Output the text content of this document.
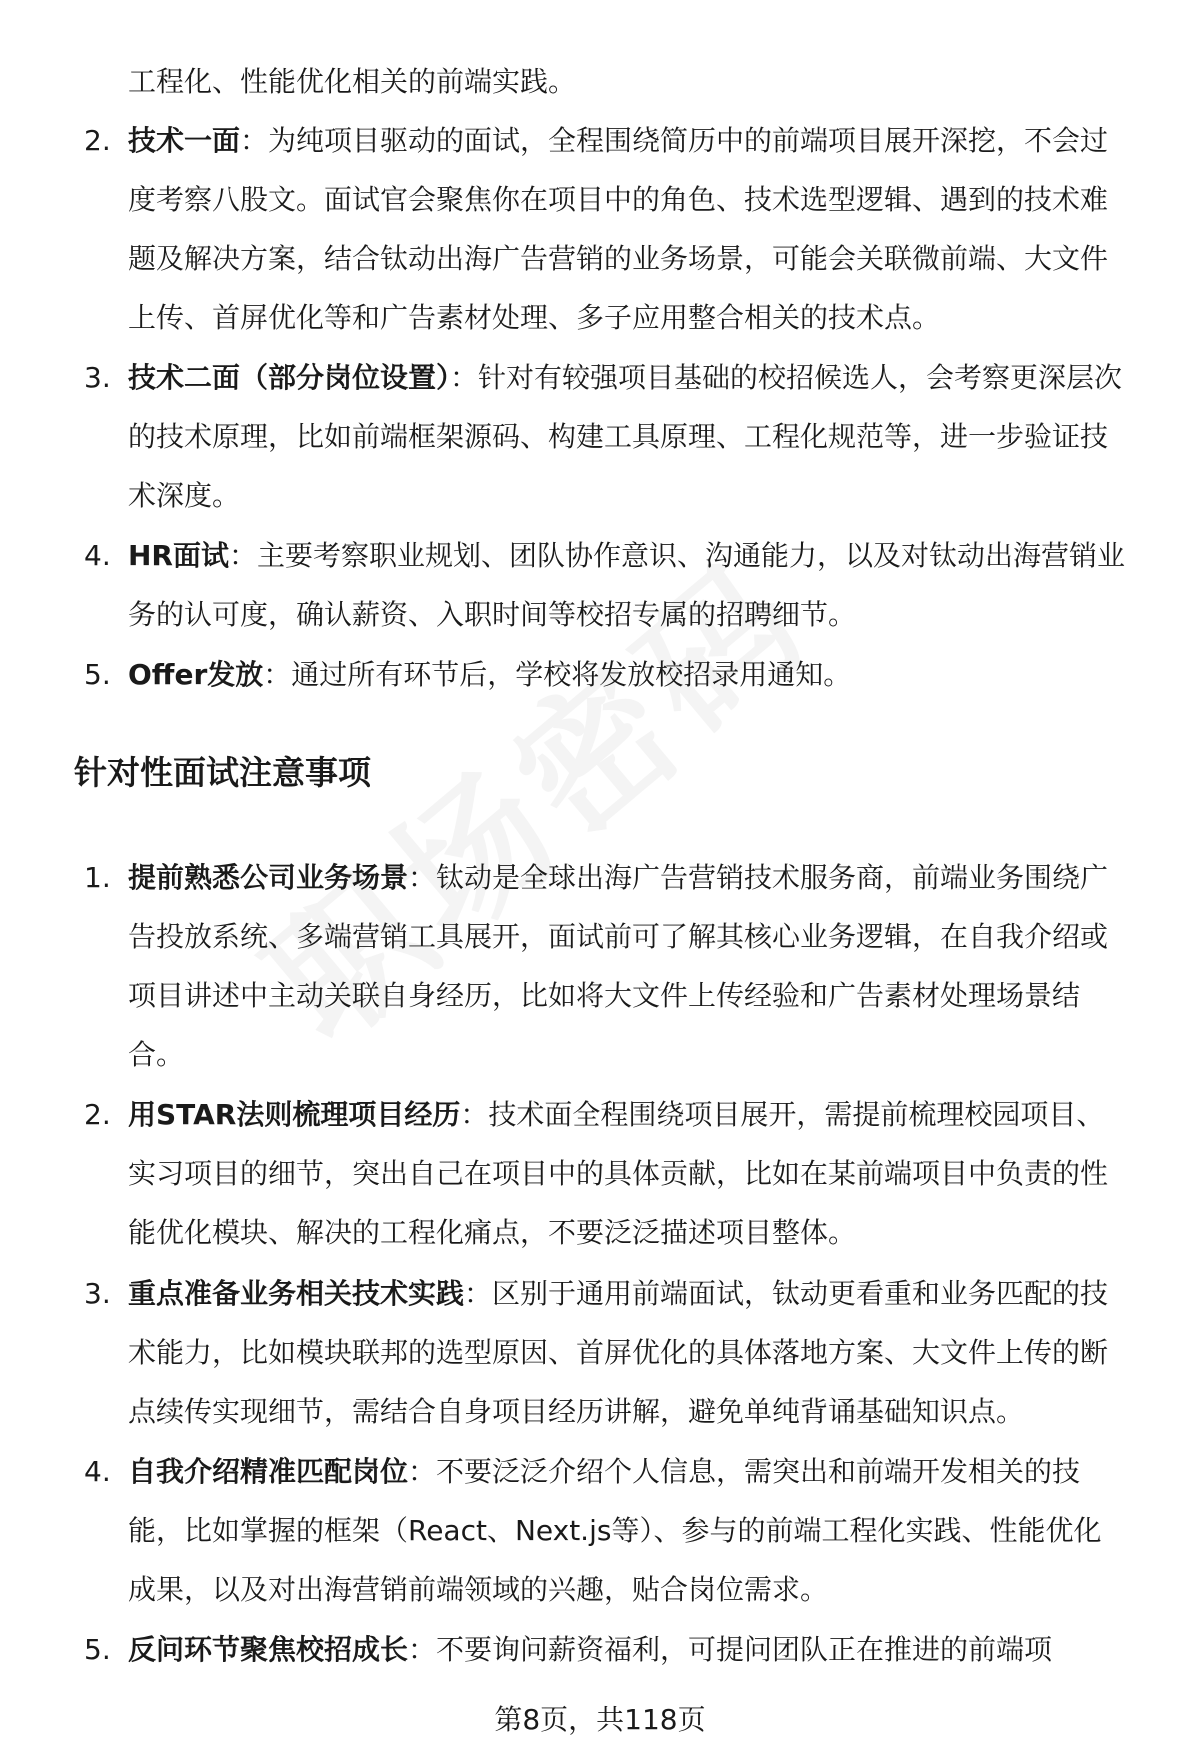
工程化、性能优化相关的前端实践。
2. 技术一面：为纯项目驱动的面试，全程围绕简历中的前端项目展开深挖，不会过度考察八股文。面试官会聚焦你在项目中的角色、技术选型逻辑、遇到的技术难题及解决方案，结合钛动出海广告营销的业务场景，可能会关联微前端、大文件上传、首屏优化等和广告素材处理、多子应用整合相关的技术点。
3. 技术二面（部分岗位设置）：针对有较强项目基础的校招候选人，会考察更深层次的技术原理，比如前端框架源码、构建工具原理、工程化规范等，进一步验证技术深度。
4. HR面试：主要考察职业规划、团队协作意识、沟通能力，以及对钛动出海营销业务的认可度，确认薪资、入职时间等校招专属的招聘细节。
5. Offer发放：通过所有环节后，学校将发放校招录用通知。
针对性面试注意事项
1. 提前熟悉公司业务场景：钛动是全球出海广告营销技术服务商，前端业务围绕广告投放系统、多端营销工具展开，面试前可了解其核心业务逻辑，在自我介绍或项目讲述中主动关联自身经历，比如将大文件上传经验和广告素材处理场景结合。
2. 用STAR法则梳理项目经历：技术面全程围绕项目展开，需提前梳理校园项目、实习项目的细节，突出自己在项目中的具体贡献，比如在某前端项目中负责的性能优化模块、解决的工程化痛点，不要泛泛描述项目整体。
3. 重点准备业务相关技术实践：区别于通用前端面试，钛动更看重和业务匹配的技术能力，比如模块联邦的选型原因、首屏优化的具体落地方案、大文件上传的断点续传实现细节，需结合自身项目经历讲解，避免单纯背诵基础知识点。
4. 自我介绍精准匹配岗位：不要泛泛介绍个人信息，需突出和前端开发相关的技能，比如掌握的框架（React、Next.js等）、参与的前端工程化实践、性能优化成果，以及对出海营销前端领域的兴趣，贴合岗位需求。
5. 反问环节聚焦校招成长：不要询问薪资福利，可提问团队正在推进的前端项
第8页，共118页
